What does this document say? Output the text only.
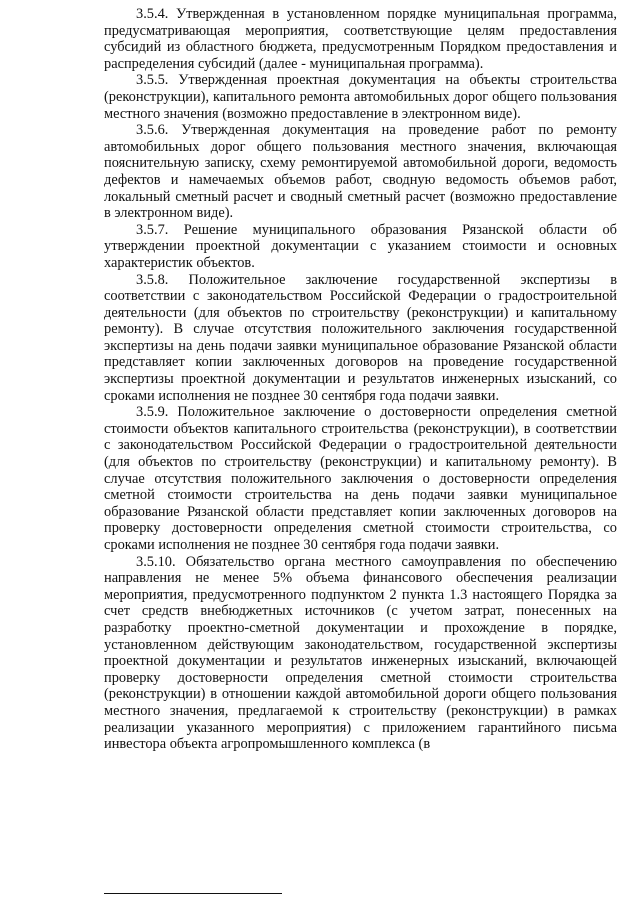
3.5.4. Утвержденная в установленном порядке муниципальная программа, предусматривающая мероприятия, соответствующие целям предоставления субсидий из областного бюджета, предусмотренным Порядком предоставления и распределения субсидий (далее - муниципальная программа).

3.5.5. Утвержденная проектная документация на объекты строительства (реконструкции), капитального ремонта автомобильных дорог общего пользования местного значения (возможно предоставление в электронном виде).

3.5.6. Утвержденная документация на проведение работ по ремонту автомобильных дорог общего пользования местного значения, включающая пояснительную записку, схему ремонтируемой автомобильной дороги, ведомость дефектов и намечаемых объемов работ, сводную ведомость объемов работ, локальный сметный расчет и сводный сметный расчет (возможно предоставление в электронном виде).

3.5.7. Решение муниципального образования Рязанской области об утверждении проектной документации с указанием стоимости и основных характеристик объектов.

3.5.8. Положительное заключение государственной экспертизы в соответствии с законодательством Российской Федерации о градостроительной деятельности (для объектов по строительству (реконструкции) и капитальному ремонту). В случае отсутствия положительного заключения государственной экспертизы на день подачи заявки муниципальное образование Рязанской области представляет копии заключенных договоров на проведение государственной экспертизы проектной документации и результатов инженерных изысканий, со сроками исполнения не позднее 30 сентября года подачи заявки.

3.5.9. Положительное заключение о достоверности определения сметной стоимости объектов капитального строительства (реконструкции), в соответствии с законодательством Российской Федерации о градостроительной деятельности (для объектов по строительству (реконструкции) и капитальному ремонту). В случае отсутствия положительного заключения о достоверности определения сметной стоимости строительства на день подачи заявки муниципальное образование Рязанской области представляет копии заключенных договоров на проверку достоверности определения сметной стоимости строительства, со сроками исполнения не позднее 30 сентября года подачи заявки.

3.5.10. Обязательство органа местного самоуправления по обеспечению направления не менее 5% объема финансового обеспечения реализации мероприятия, предусмотренного подпунктом 2 пункта 1.3 настоящего Порядка за счет средств внебюджетных источников (с учетом затрат, понесенных на разработку проектно-сметной документации и прохождение в порядке, установленном действующим законодательством, государственной экспертизы проектной документации и результатов инженерных изысканий, включающей проверку достоверности определения сметной стоимости строительства (реконструкции) в отношении каждой автомобильной дороги общего пользования местного значения, предлагаемой к строительству (реконструкции) в рамках реализации указанного мероприятия) с приложением гарантийного письма инвестора объекта агропромышленного комплекса (в
